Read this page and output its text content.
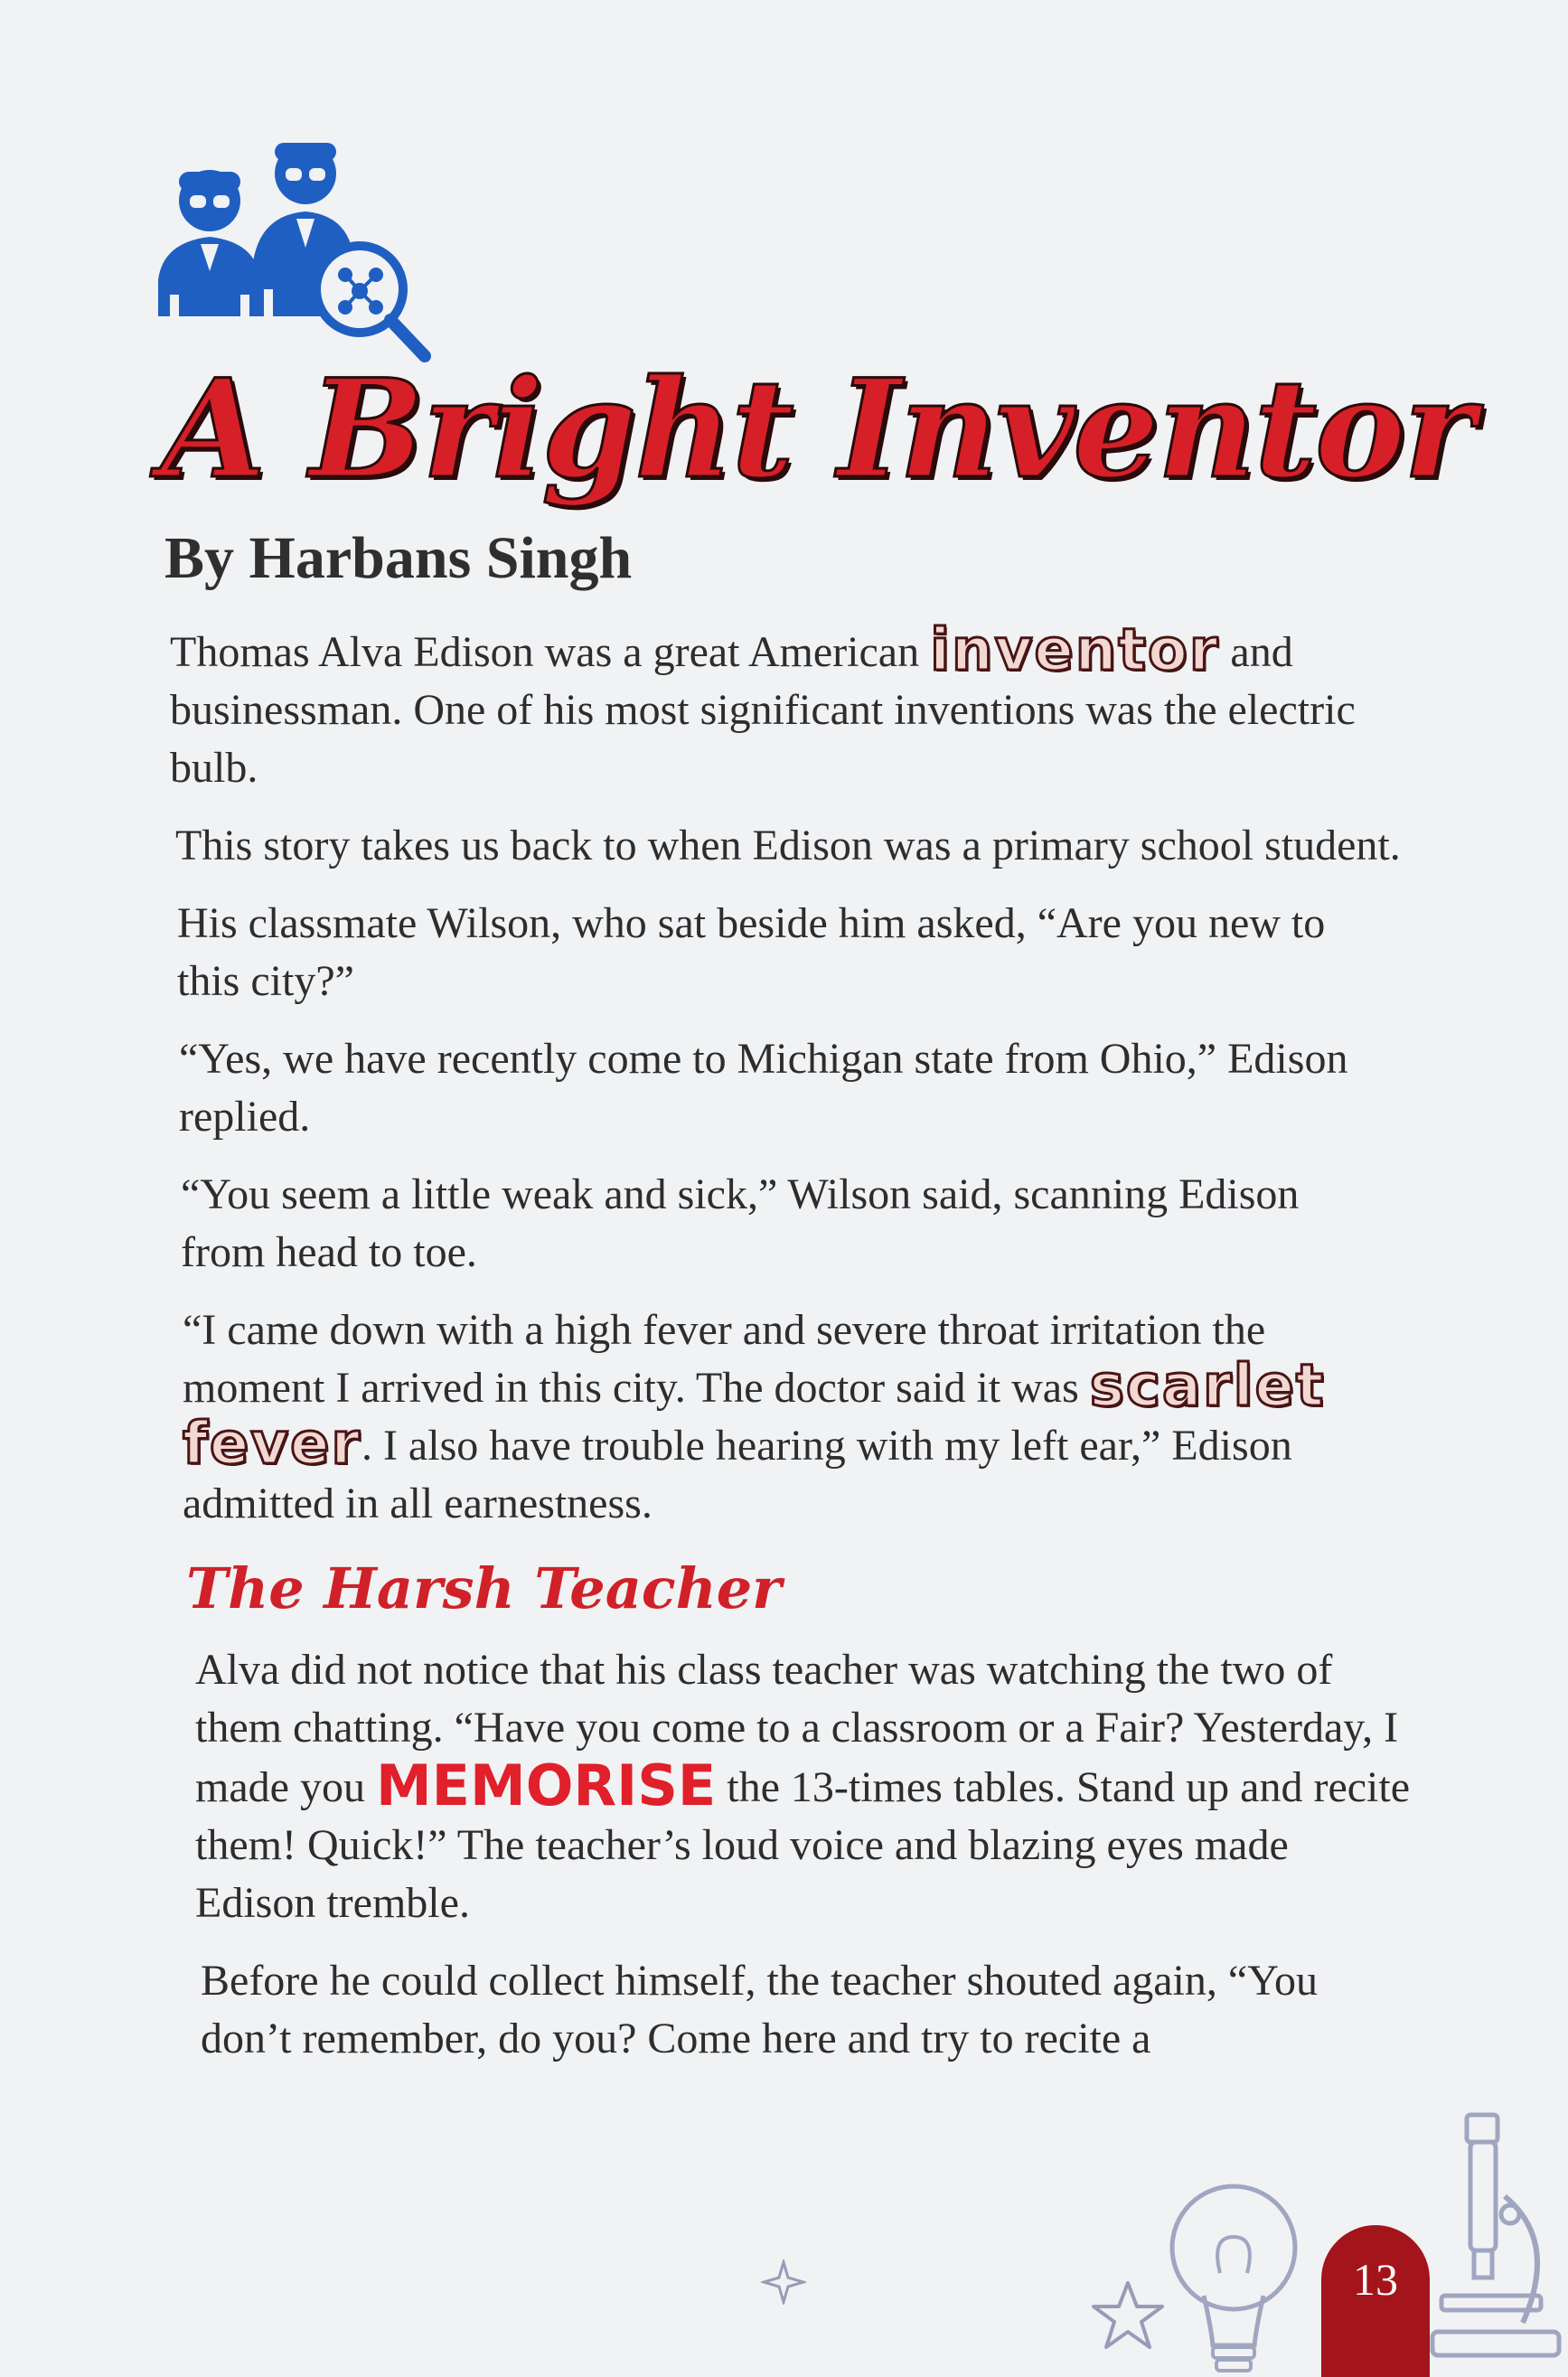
A Bright Inventor
By Harbans Singh

Thomas Alva Edison was a great American inventor and businessman. One of his most significant inventions was the electric bulb.

This story takes us back to when Edison was a primary school student.

His classmate Wilson, who sat beside him asked, “Are you new to this city?”

“Yes, we have recently come to Michigan state from Ohio,” Edison replied.

“You seem a little weak and sick,” Wilson said, scanning Edison from head to toe.

“I came down with a high fever and severe throat irritation the moment I arrived in this city. The doctor said it was scarlet fever. I also have trouble hearing with my left ear,” Edison admitted in all earnestness.

The Harsh Teacher

Alva did not notice that his class teacher was watching the two of them chatting. “Have you come to a classroom or a Fair? Yesterday, I made you MEMORISE the 13-times tables. Stand up and recite them! Quick!” The teacher’s loud voice and blazing eyes made Edison tremble.

Before he could collect himself, the teacher shouted again, “You don’t remember, do you? Come here and try to recite a

13
